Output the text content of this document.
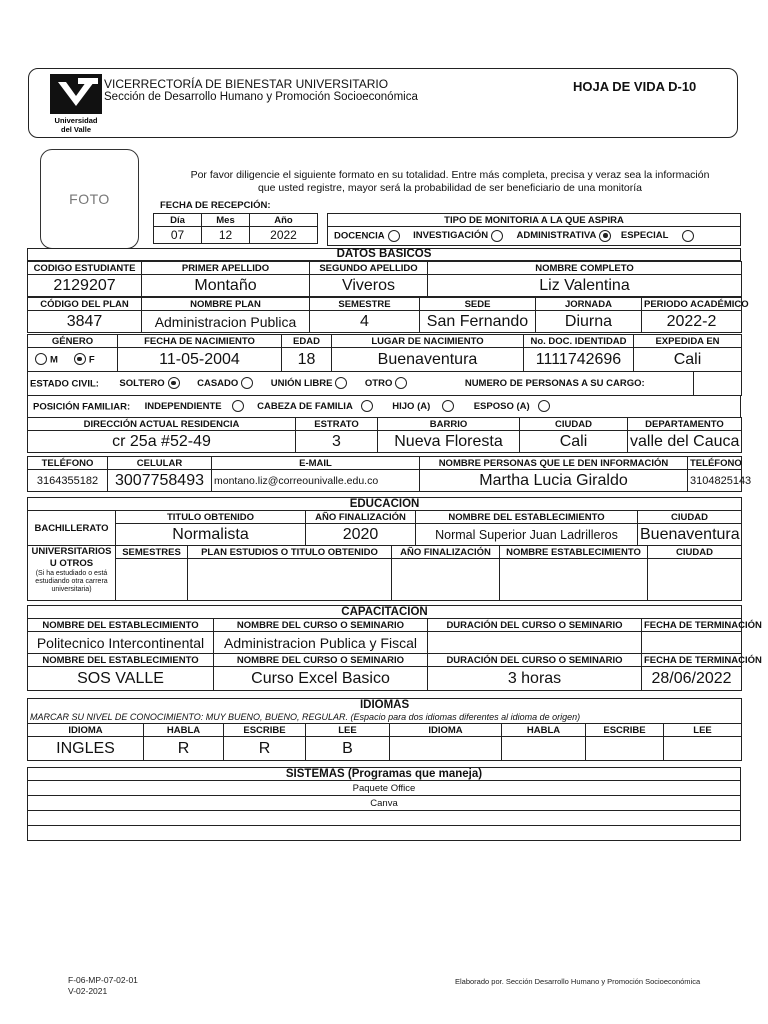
Universidad
del Valle
VICERRECTORÍA DE BIENESTAR UNIVERSITARIO
Sección de Desarrollo Humano y Promoción Socioeconómica
HOJA DE VIDA D-10
FOTO
Por favor diligencie el siguiente formato en su totalidad. Entre más completa, precisa y veraz sea la información
que usted registre, mayor será la probabilidad de ser beneficiario de una monitoría
FECHA DE RECEPCIÓN:
Día	Mes	Año
07	12	2022
TIPO DE MONITORIA A LA QUE ASPIRA
DOCENCIA	INVESTIGACIÓN	ADMINISTRATIVA	ESPECIAL
DATOS BASICOS
CODIGO ESTUDIANTE	PRIMER APELLIDO	SEGUNDO APELLIDO	NOMBRE COMPLETO
2129207	Montaño	Viveros	Liz Valentina
CÓDIGO DEL PLAN	NOMBRE PLAN	SEMESTRE	SEDE	JORNADA	PERIODO ACADÉMICO
3847	Administracion Publica	4	San Fernando	Diurna	2022-2
GÉNERO	FECHA DE NACIMIENTO	EDAD	LUGAR DE NACIMIENTO	No. DOC. IDENTIDAD	EXPEDIDA EN
M F	11-05-2004	18	Buenaventura	1111742696	Cali
ESTADO CIVIL: SOLTERO	CASADO	UNIÓN LIBRE	OTRO	NUMERO DE PERSONAS A SU CARGO:	
POSICIÓN FAMILIAR: INDEPENDIENTE	CABEZA DE FAMILIA	HIJO (A)	ESPOSO (A)
DIRECCIÓN ACTUAL RESIDENCIA	ESTRATO	BARRIO	CIUDAD	DEPARTAMENTO
cr 25a #52-49	3	Nueva Floresta	Cali	valle del Cauca
TELÉFONO	CELULAR	E-MAIL	NOMBRE PERSONAS QUE LE DEN INFORMACIÓN	TELÉFONO
3164355182	3007758493	montano.liz@correounivalle.edu.co	Martha Lucia Giraldo	3104825143
EDUCACION				
BACHILLERATO	TITULO OBTENIDO	AÑO FINALIZACIÓN	NOMBRE DEL ESTABLECIMIENTO	CIUDAD
	Normalista	2020	Normal Superior Juan Ladrilleros	Buenaventura
UNIVERSITARIOS U OTROS
(Si ha estudiado o está estudiando otra carrera universitaria)	SEMESTRES	PLAN ESTUDIOS O TITULO OBTENIDO	AÑO FINALIZACIÓN	NOMBRE ESTABLECIMIENTO	CIUDAD

CAPACITACION			
NOMBRE DEL ESTABLECIMIENTO	NOMBRE DEL CURSO O SEMINARIO	DURACIÓN DEL CURSO O SEMINARIO	FECHA DE TERMINACIÓN
Politecnico Intercontinental	Administracion Publica y Fiscal		
NOMBRE DEL ESTABLECIMIENTO	NOMBRE DEL CURSO O SEMINARIO	DURACIÓN DEL CURSO O SEMINARIO	FECHA DE TERMINACIÓN
SOS VALLE	Curso Excel Basico	3 horas	28/06/2022
IDIOMAS							
MARCAR SU NIVEL DE CONOCIMIENTO: MUY BUENO, BUENO, REGULAR. (Espacio para dos idiomas diferentes al idioma de origen)							
IDIOMA	HABLA	ESCRIBE	LEE	IDIOMA	HABLA	ESCRIBE	LEE
INGLES	R	R	B				
SISTEMAS (Programas que maneja)
Paquete Office
Canva

F-06-MP-07-02-01
V-02-2021
Elaborado por. Sección Desarrollo Humano y Promoción Socioeconómica
